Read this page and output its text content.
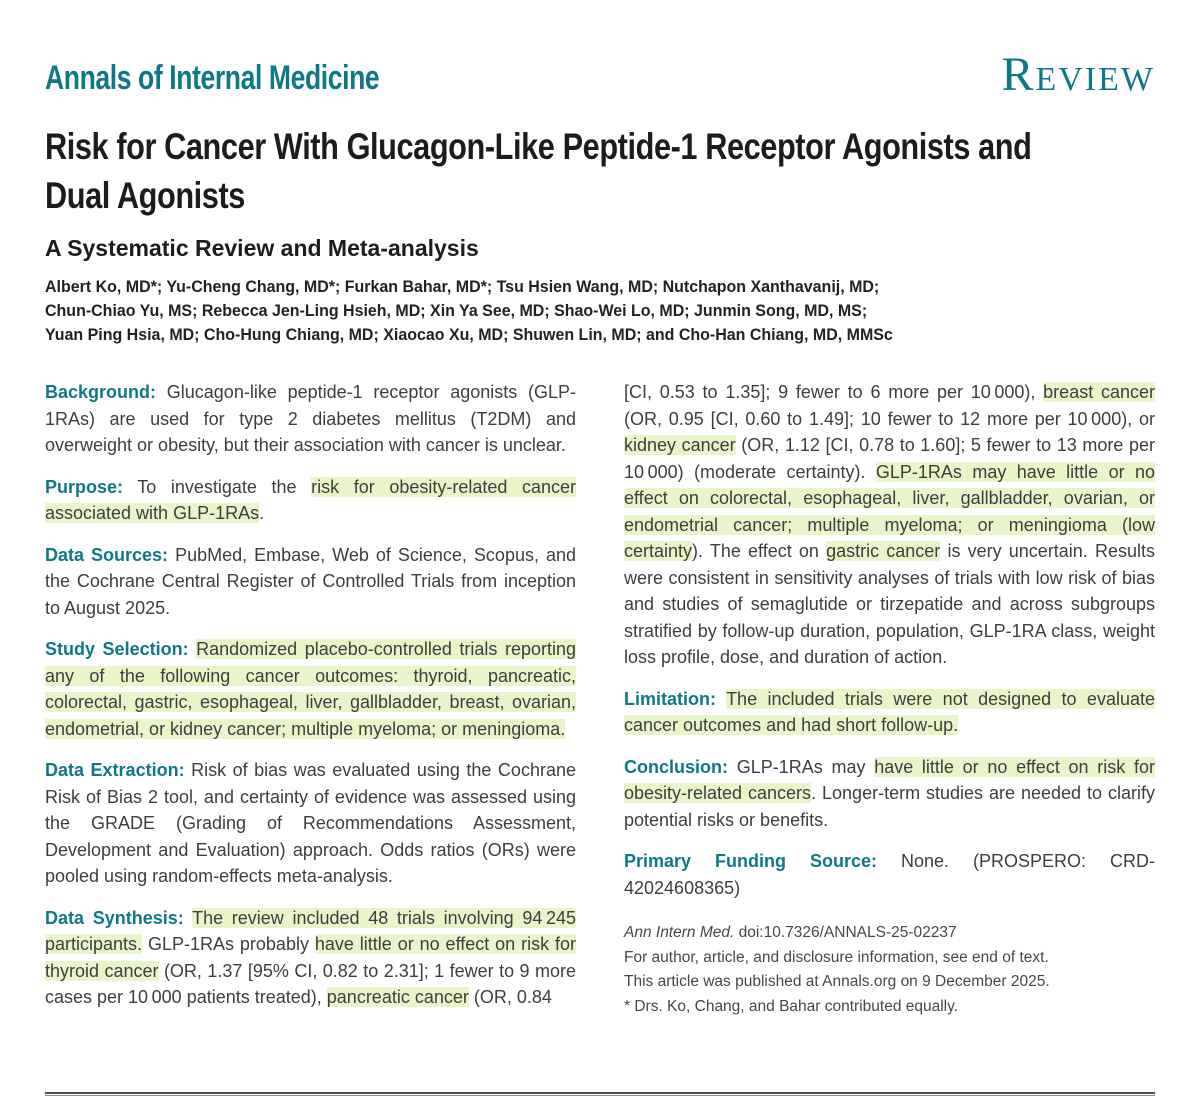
Annals of Internal Medicine	review
Risk for Cancer With Glucagon-Like Peptide-1 Receptor Agonists and
Dual Agonists
A Systematic Review and Meta-analysis
Albert Ko, MD*; Yu-Cheng Chang, MD*; Furkan Bahar, MD*; Tsu Hsien Wang, MD; Nutchapon Xanthavanij, MD;
Chun-Chiao Yu, MS; Rebecca Jen-Ling Hsieh, MD; Xin Ya See, MD; Shao-Wei Lo, MD; Junmin Song, MD, MS;
Yuan Ping Hsia, MD; Cho-Hung Chiang, MD; Xiaocao Xu, MD; Shuwen Lin, MD; and Cho-Han Chiang, MD, MMSc

Background: Glucagon-like peptide-1 receptor agonists (GLP-1RAs) are used for type 2 diabetes mellitus (T2DM) and overweight or obesity, but their association with cancer is unclear.

Purpose: To investigate the risk for obesity-related cancer associated with GLP-1RAs.

Data Sources: PubMed, Embase, Web of Science, Scopus, and the Cochrane Central Register of Controlled Trials from inception to August 2025.

Study Selection: Randomized placebo-controlled trials reporting any of the following cancer outcomes: thyroid, pancreatic, colorectal, gastric, esophageal, liver, gallbladder, breast, ovarian, endometrial, or kidney cancer; multiple myeloma; or meningioma.

Data Extraction: Risk of bias was evaluated using the Cochrane Risk of Bias 2 tool, and certainty of evidence was assessed using the GRADE (Grading of Recommendations Assessment, Development and Evaluation) approach. Odds ratios (ORs) were pooled using random-effects meta-analysis.

Data Synthesis: The review included 48 trials involving 94 245 participants. GLP-1RAs probably have little or no effect on risk for thyroid cancer (OR, 1.37 [95% CI, 0.82 to 2.31]; 1 fewer to 9 more cases per 10 000 patients treated), pancreatic cancer (OR, 0.84

[CI, 0.53 to 1.35]; 9 fewer to 6 more per 10 000), breast cancer (OR, 0.95 [CI, 0.60 to 1.49]; 10 fewer to 12 more per 10 000), or kidney cancer (OR, 1.12 [CI, 0.78 to 1.60]; 5 fewer to 13 more per 10 000) (moderate certainty). GLP-1RAs may have little or no effect on colorectal, esophageal, liver, gallbladder, ovarian, or endometrial cancer; multiple myeloma; or meningioma (low certainty). The effect on gastric cancer is very uncertain. Results were consistent in sensitivity analyses of trials with low risk of bias and studies of semaglutide or tirzepatide and across subgroups stratified by follow-up duration, population, GLP-1RA class, weight loss profile, dose, and duration of action.

Limitation: The included trials were not designed to evaluate cancer outcomes and had short follow-up.

Conclusion: GLP-1RAs may have little or no effect on risk for obesity-related cancers. Longer-term studies are needed to clarify potential risks or benefits.

Primary Funding Source: None. (PROSPERO: CRD-42024608365)

Ann Intern Med. doi:10.7326/ANNALS-25-02237
For author, article, and disclosure information, see end of text.
This article was published at Annals.org on 9 December 2025.
* Drs. Ko, Chang, and Bahar contributed equally.
